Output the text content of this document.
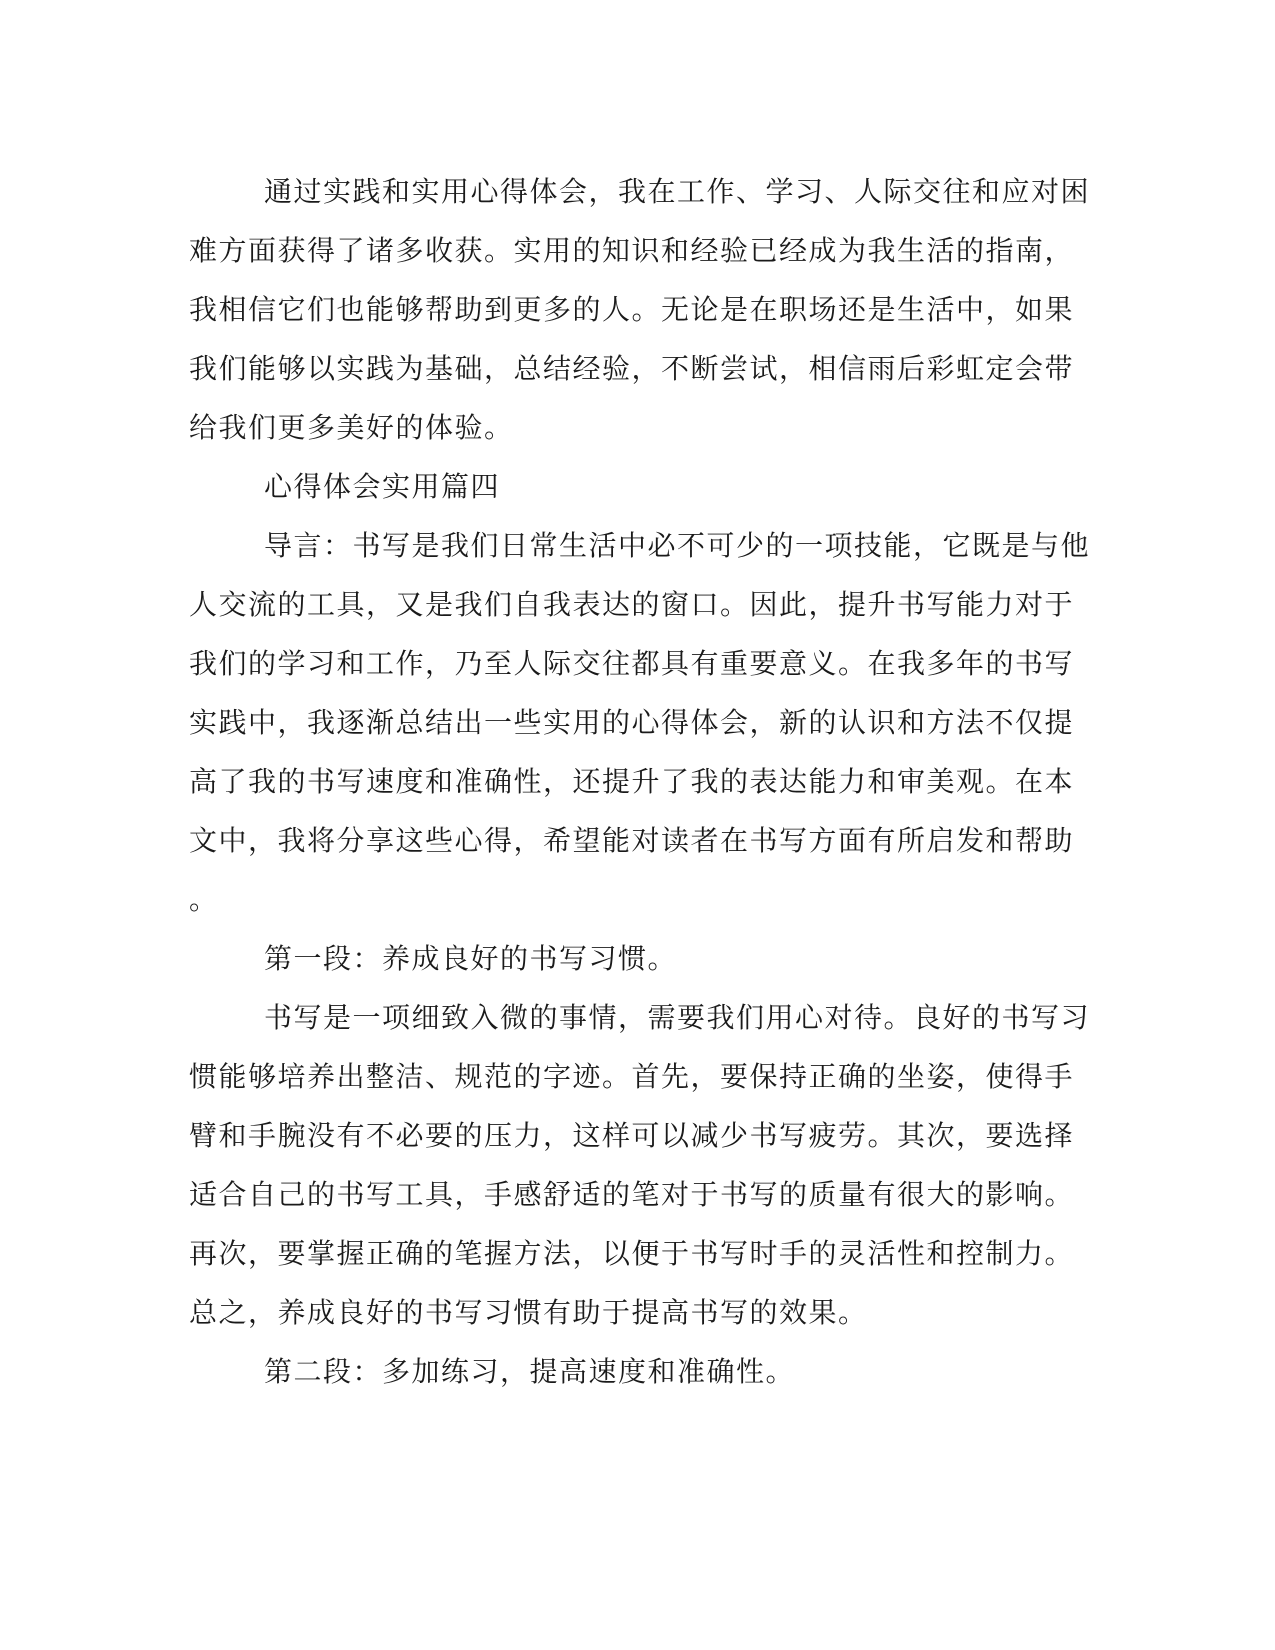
通过实践和实用心得体会，我在工作、学习、人际交往和应对困
难方面获得了诸多收获。实用的知识和经验已经成为我生活的指南，
我相信它们也能够帮助到更多的人。无论是在职场还是生活中，如果
我们能够以实践为基础，总结经验，不断尝试，相信雨后彩虹定会带
给我们更多美好的体验。
心得体会实用篇四
导言：书写是我们日常生活中必不可少的一项技能，它既是与他
人交流的工具，又是我们自我表达的窗口。因此，提升书写能力对于
我们的学习和工作，乃至人际交往都具有重要意义。在我多年的书写
实践中，我逐渐总结出一些实用的心得体会，新的认识和方法不仅提
高了我的书写速度和准确性，还提升了我的表达能力和审美观。在本
文中，我将分享这些心得，希望能对读者在书写方面有所启发和帮助
。
第一段：养成良好的书写习惯。
书写是一项细致入微的事情，需要我们用心对待。良好的书写习
惯能够培养出整洁、规范的字迹。首先，要保持正确的坐姿，使得手
臂和手腕没有不必要的压力，这样可以减少书写疲劳。其次，要选择
适合自己的书写工具，手感舒适的笔对于书写的质量有很大的影响。
再次，要掌握正确的笔握方法，以便于书写时手的灵活性和控制力。
总之，养成良好的书写习惯有助于提高书写的效果。
第二段：多加练习，提高速度和准确性。
